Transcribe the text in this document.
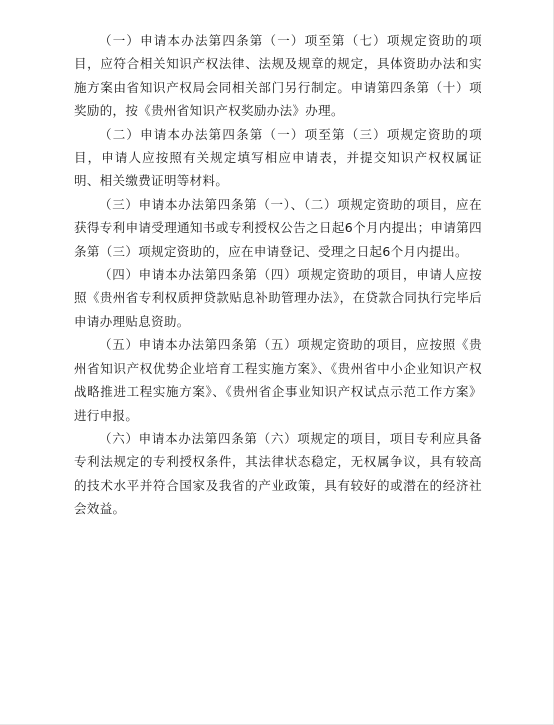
（一）申请本办法第四条第（一）项至第（七）项规定资助的项目，应符合相关知识产权法律、法规及规章的规定，具体资助办法和实施方案由省知识产权局会同相关部门另行制定。申请第四条第（十）项奖励的，按《贵州省知识产权奖励办法》办理。

（二）申请本办法第四条第（一）项至第（三）项规定资助的项目，申请人应按照有关规定填写相应申请表，并提交知识产权权属证明、相关缴费证明等材料。

（三）申请本办法第四条第（一）、（二）项规定资助的项目，应在获得专利申请受理通知书或专利授权公告之日起6个月内提出；申请第四条第（三）项规定资助的，应在申请登记、受理之日起6个月内提出。

（四）申请本办法第四条第（四）项规定资助的项目，申请人应按照《贵州省专利权质押贷款贴息补助管理办法》，在贷款合同执行完毕后申请办理贴息资助。

（五）申请本办法第四条第（五）项规定资助的项目，应按照《贵州省知识产权优势企业培育工程实施方案》、《贵州省中小企业知识产权战略推进工程实施方案》、《贵州省企事业知识产权试点示范工作方案》进行申报。

（六）申请本办法第四条第（六）项规定的项目，项目专利应具备专利法规定的专利授权条件，其法律状态稳定，无权属争议，具有较高的技术水平并符合国家及我省的产业政策，具有较好的或潜在的经济社会效益。
